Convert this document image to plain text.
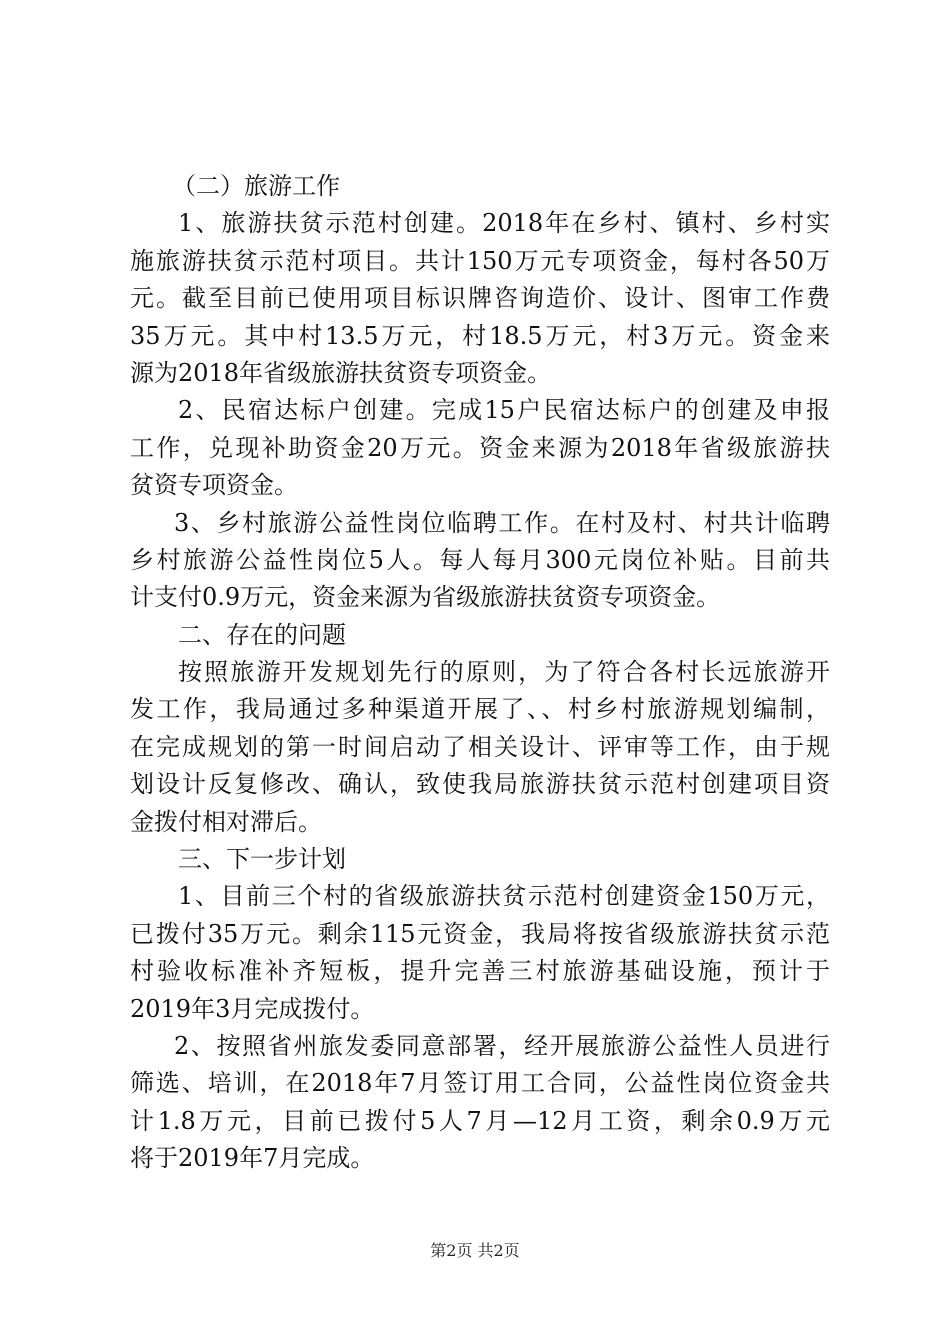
（二）旅游工作
1、旅游扶贫示范村创建。2018年在乡村、镇村、乡村实
施旅游扶贫示范村项目。共计150万元专项资金，每村各50万
元。截至目前已使用项目标识牌咨询造价、设计、图审工作费
35万元。其中村13.5万元，村18.5万元，村3万元。资金来
源为2018年省级旅游扶贫资专项资金。
2、民宿达标户创建。完成15户民宿达标户的创建及申报
工作，兑现补助资金20万元。资金来源为2018年省级旅游扶
贫资专项资金。
3、乡村旅游公益性岗位临聘工作。在村及村、村共计临聘
乡村旅游公益性岗位5人。每人每月300元岗位补贴。目前共
计支付0.9万元，资金来源为省级旅游扶贫资专项资金。
二、存在的问题
按照旅游开发规划先行的原则，为了符合各村长远旅游开
发工作，我局通过多种渠道开展了、、村乡村旅游规划编制，
在完成规划的第一时间启动了相关设计、评审等工作，由于规
划设计反复修改、确认，致使我局旅游扶贫示范村创建项目资
金拨付相对滞后。
三、下一步计划
1、目前三个村的省级旅游扶贫示范村创建资金150万元，
已拨付35万元。剩余115元资金，我局将按省级旅游扶贫示范
村验收标准补齐短板，提升完善三村旅游基础设施，预计于
2019年3月完成拨付。
2、按照省州旅发委同意部署，经开展旅游公益性人员进行
筛选、培训，在2018年7月签订用工合同，公益性岗位资金共
计1.8万元，目前已拨付5人7月—12月工资，剩余0.9万元
将于2019年7月完成。
第2页 共2页
